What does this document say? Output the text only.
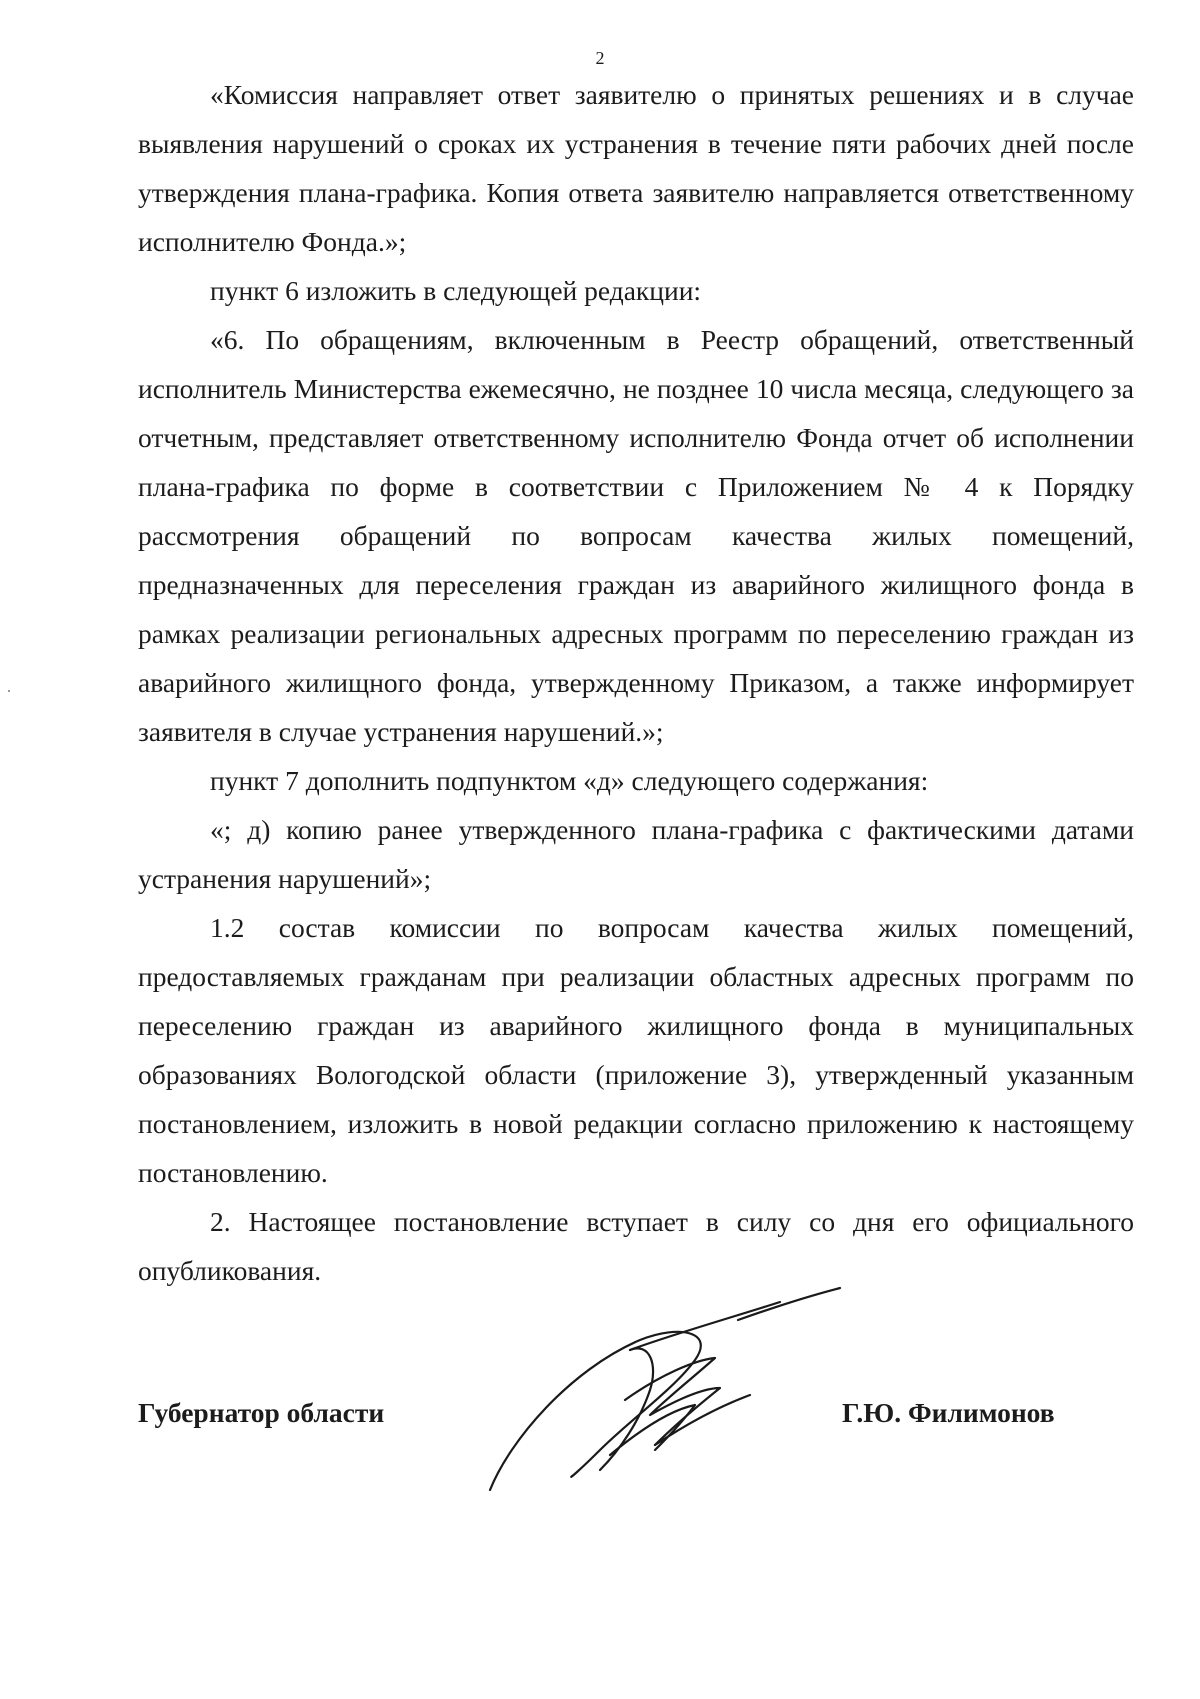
2

«Комиссия направляет ответ заявителю о принятых решениях и в случае выявления нарушений о сроках их устранения в течение пяти рабочих дней после утверждения плана-графика. Копия ответа заявителю направляется ответственному исполнителю Фонда.»;

пункт 6 изложить в следующей редакции:

«6. По обращениям, включенным в Реестр обращений, ответственный исполнитель Министерства ежемесячно, не позднее 10 числа месяца, следующего за отчетным, представляет ответственному исполнителю Фонда отчет об исполнении плана-графика по форме в соответствии с Приложением № 4 к Порядку рассмотрения обращений по вопросам качества жилых помещений, предназначенных для переселения граждан из аварийного жилищного фонда в рамках реализации региональных адресных программ по переселению граждан из аварийного жилищного фонда, утвержденному Приказом, а также информирует заявителя в случае устранения нарушений.»;

пункт 7 дополнить подпунктом «д» следующего содержания:

«; д) копию ранее утвержденного плана-графика с фактическими датами устранения нарушений»;

1.2 состав комиссии по вопросам качества жилых помещений, предоставляемых гражданам при реализации областных адресных программ по переселению граждан из аварийного жилищного фонда в муниципальных образованиях Вологодской области (приложение 3), утвержденный указанным постановлением, изложить в новой редакции согласно приложению к настоящему постановлению.

2. Настоящее постановление вступает в силу со дня его официального опубликования.

Губернатор области	Г.Ю. Филимонов
